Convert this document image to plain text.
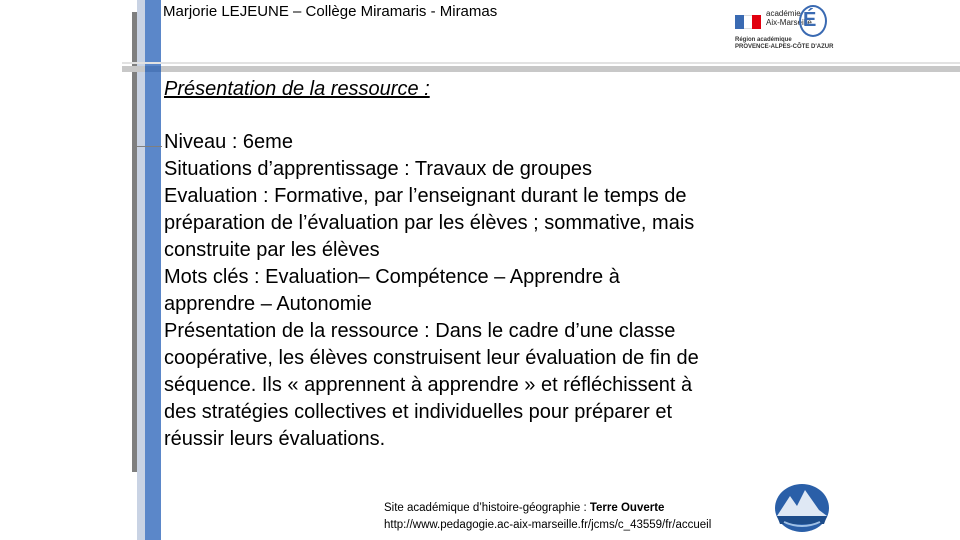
Marjorie LEJEUNE – Collège Miramaris - Miramas	académie
Aix-Marseille
É
Région académique
PROVENCE-ALPES-CÔTE D'AZUR
Présentation de la ressource :
Niveau : 6eme
Situations d’apprentissage : Travaux de groupes
Evaluation : Formative, par l’enseignant durant le temps de
préparation de l’évaluation par les élèves ; sommative, mais
construite par les élèves
Mots clés : Evaluation– Compétence – Apprendre à
apprendre – Autonomie
Présentation de la ressource : Dans le cadre d’une classe
coopérative, les élèves construisent leur évaluation de fin de
séquence. Ils « apprennent à apprendre » et réfléchissent à
des stratégies collectives et individuelles pour préparer et
réussir leurs évaluations.
Site académique d’histoire-géographie : Terre Ouverte
http://www.pedagogie.ac-aix-marseille.fr/jcms/c_43559/fr/accueil
